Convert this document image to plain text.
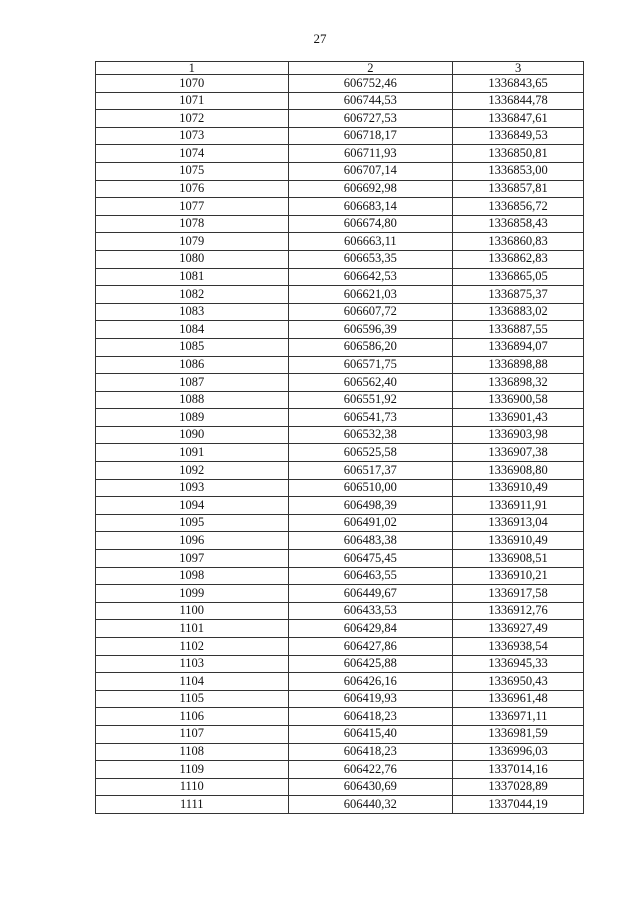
27
1	2	3
1070	606752,46	1336843,65
1071	606744,53	1336844,78
1072	606727,53	1336847,61
1073	606718,17	1336849,53
1074	606711,93	1336850,81
1075	606707,14	1336853,00
1076	606692,98	1336857,81
1077	606683,14	1336856,72
1078	606674,80	1336858,43
1079	606663,11	1336860,83
1080	606653,35	1336862,83
1081	606642,53	1336865,05
1082	606621,03	1336875,37
1083	606607,72	1336883,02
1084	606596,39	1336887,55
1085	606586,20	1336894,07
1086	606571,75	1336898,88
1087	606562,40	1336898,32
1088	606551,92	1336900,58
1089	606541,73	1336901,43
1090	606532,38	1336903,98
1091	606525,58	1336907,38
1092	606517,37	1336908,80
1093	606510,00	1336910,49
1094	606498,39	1336911,91
1095	606491,02	1336913,04
1096	606483,38	1336910,49
1097	606475,45	1336908,51
1098	606463,55	1336910,21
1099	606449,67	1336917,58
1100	606433,53	1336912,76
1101	606429,84	1336927,49
1102	606427,86	1336938,54
1103	606425,88	1336945,33
1104	606426,16	1336950,43
1105	606419,93	1336961,48
1106	606418,23	1336971,11
1107	606415,40	1336981,59
1108	606418,23	1336996,03
1109	606422,76	1337014,16
1110	606430,69	1337028,89
1111	606440,32	1337044,19
